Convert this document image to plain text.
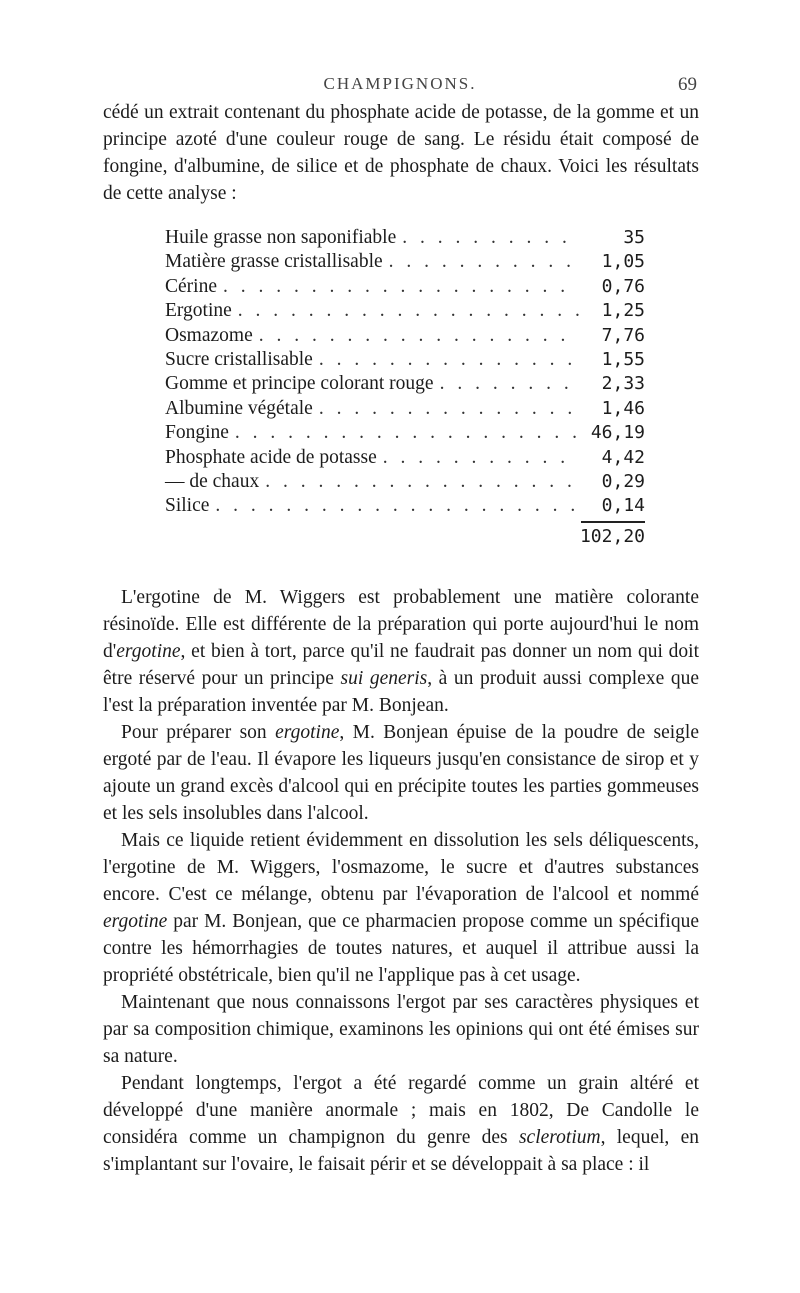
CHAMPIGNONS.	69

cédé un extrait contenant du phosphate acide de potasse, de la gomme et un principe azoté d'une couleur rouge de sang. Le résidu était composé de fongine, d'albumine, de silice et de phosphate de chaux. Voici les résultats de cette analyse :

Huile grasse non saponifiable . . .	35
Matière grasse cristallisable . . .	1,05
Cérine . . .	0,76
Ergotine . . .	1,25
Osmazome . . .	7,76
Sucre cristallisable . . .	1,55
Gomme et principe colorant rouge . . .	2,33
Albumine végétale . . .	1,46
Fongine . . .	46,19
Phosphate acide de potasse . . .	4,42
— de chaux . . .	0,29
Silice . . .	0,14
102,20

L'ergotine de M. Wiggers est probablement une matière colorante résinoïde. Elle est différente de la préparation qui porte aujourd'hui le nom d'ergotine, et bien à tort, parce qu'il ne faudrait pas donner un nom qui doit être réservé pour un principe sui generis, à un produit aussi complexe que l'est la préparation inventée par M. Bonjean.

Pour préparer son ergotine, M. Bonjean épuise de la poudre de seigle ergoté par de l'eau. Il évapore les liqueurs jusqu'en consistance de sirop et y ajoute un grand excès d'alcool qui en précipite toutes les parties gommeuses et les sels insolubles dans l'alcool.

Mais ce liquide retient évidemment en dissolution les sels déliquescents, l'ergotine de M. Wiggers, l'osmazome, le sucre et d'autres substances encore. C'est ce mélange, obtenu par l'évaporation de l'alcool et nommé ergotine par M. Bonjean, que ce pharmacien propose comme un spécifique contre les hémorrhagies de toutes natures, et auquel il attribue aussi la propriété obstétricale, bien qu'il ne l'applique pas à cet usage.

Maintenant que nous connaissons l'ergot par ses caractères physiques et par sa composition chimique, examinons les opinions qui ont été émises sur sa nature.

Pendant longtemps, l'ergot a été regardé comme un grain altéré et développé d'une manière anormale ; mais en 1802, De Candolle le considéra comme un champignon du genre des sclerotium, lequel, en s'implantant sur l'ovaire, le faisait périr et se développait à sa place : il
